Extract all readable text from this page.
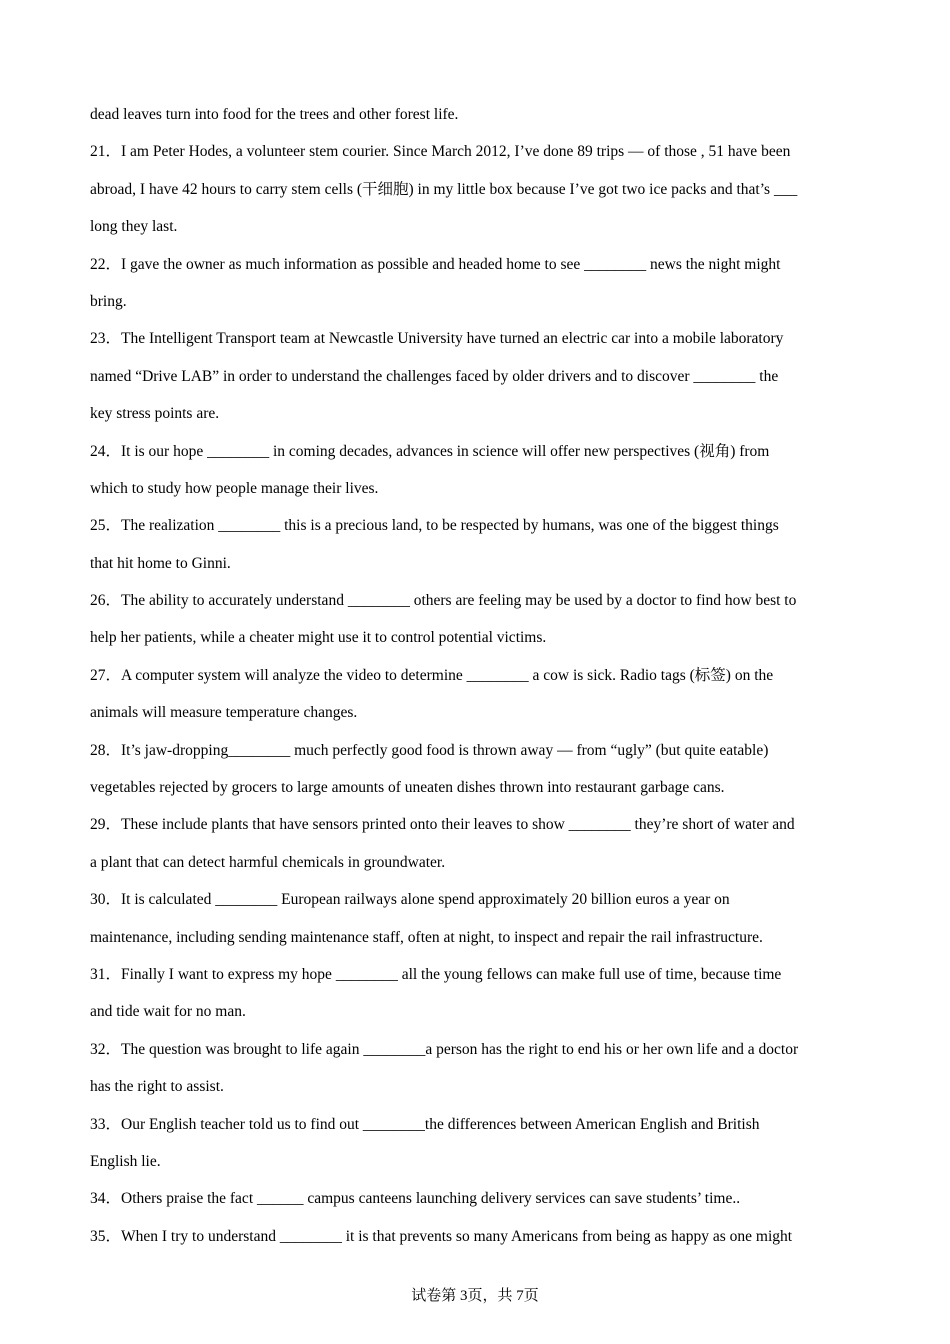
dead leaves turn into food for the trees and other forest life.
21．I am Peter Hodes, a volunteer stem courier. Since March 2012, I’ve done 89 trips — of those , 51 have been
abroad, I have 42 hours to carry stem cells (干细胞) in my little box because I’ve got two ice packs and that’s ___
long they last.
22．I gave the owner as much information as possible and headed home to see ________ news the night might
bring.
23．The Intelligent Transport team at Newcastle University have turned an electric car into a mobile laboratory
named “Drive LAB” in order to understand the challenges faced by older drivers and to discover ________ the
key stress points are.
24．It is our hope ________ in coming decades, advances in science will offer new perspectives (视角) from
which to study how people manage their lives.
25．The realization ________ this is a precious land, to be respected by humans, was one of the biggest things
that hit home to Ginni.
26．The ability to accurately understand ________ others are feeling may be used by a doctor to find how best to
help her patients, while a cheater might use it to control potential victims.
27．A computer system will analyze the video to determine ________ a cow is sick. Radio tags (标签) on the
animals will measure temperature changes.
28．It’s jaw-dropping________ much perfectly good food is thrown away — from “ugly” (but quite eatable)
vegetables rejected by grocers to large amounts of uneaten dishes thrown into restaurant garbage cans.
29．These include plants that have sensors printed onto their leaves to show ________ they’re short of water and
a plant that can detect harmful chemicals in groundwater.
30．It is calculated ________ European railways alone spend approximately 20 billion euros a year on
maintenance, including sending maintenance staff, often at night, to inspect and repair the rail infrastructure.
31．Finally I want to express my hope ________ all the young fellows can make full use of time, because time
and tide wait for no man.
32．The question was brought to life again ________a person has the right to end his or her own life and a doctor
has the right to assist.
33．Our English teacher told us to find out ________the differences between American English and British
English lie.
34．Others praise the fact ______ campus canteens launching delivery services can save students’ time..
35．When I try to understand ________ it is that prevents so many Americans from being as happy as one might
试卷第 3页，共 7页
